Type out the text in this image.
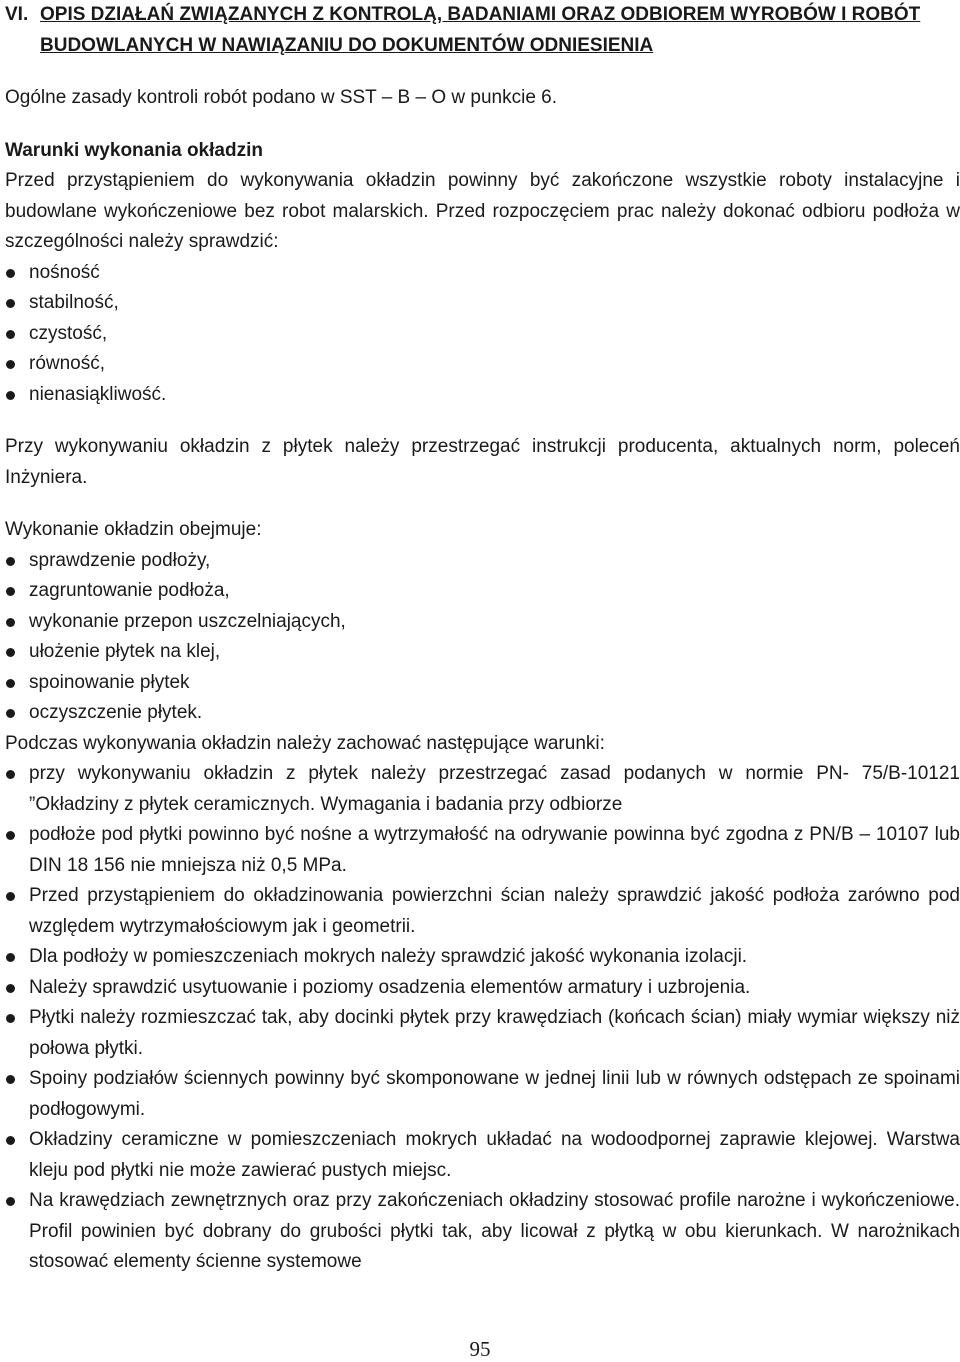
VI. OPIS DZIAŁAŃ ZWIĄZANYCH Z KONTROLĄ, BADANIAMI ORAZ ODBIOREM WYROBÓW I ROBÓT BUDOWLANYCH W NAWIĄZANIU DO DOKUMENTÓW ODNIESIENIA

Ogólne zasady kontroli robót podano w SST – B – O w punkcie 6.

Warunki wykonania okładzin

Przed przystąpieniem do wykonywania okładzin powinny być zakończone wszystkie roboty instalacyjne i budowlane wykończeniowe bez robot malarskich. Przed rozpoczęciem prac należy dokonać odbioru podłoża w szczególności należy sprawdzić:

nośność
stabilność,
czystość,
równość,
nienasiąkliwość.

Przy wykonywaniu okładzin z płytek należy przestrzegać instrukcji producenta, aktualnych norm, poleceń Inżyniera.

Wykonanie okładzin obejmuje:

sprawdzenie podłoży,
zagruntowanie podłoża,
wykonanie przepon uszczelniających,
ułożenie płytek na klej,
spoinowanie płytek
oczyszczenie płytek.

Podczas wykonywania okładzin należy zachować następujące warunki:

przy wykonywaniu okładzin z płytek należy przestrzegać zasad podanych w normie PN- 75/B-10121 ”Okładziny z płytek ceramicznych. Wymagania i badania przy odbiorze
podłoże pod płytki powinno być nośne a wytrzymałość na odrywanie powinna być zgodna z PN/B – 10107 lub DIN 18 156 nie mniejsza niż 0,5 MPa.
Przed przystąpieniem do okładzinowania powierzchni ścian należy sprawdzić jakość podłoża zarówno pod względem wytrzymałościowym jak i geometrii.
Dla podłoży w pomieszczeniach mokrych należy sprawdzić jakość wykonania izolacji.
Należy sprawdzić usytuowanie i poziomy osadzenia elementów armatury i uzbrojenia.
Płytki należy rozmieszczać tak, aby docinki płytek przy krawędziach (końcach ścian) miały wymiar większy niż połowa płytki.
Spoiny podziałów ściennych powinny być skomponowane w jednej linii lub w równych odstępach ze spoinami podłogowymi.
Okładziny ceramiczne w pomieszczeniach mokrych układać na wodoodpornej zaprawie klejowej. Warstwa kleju pod płytki nie może zawierać pustych miejsc.
Na krawędziach zewnętrznych oraz przy zakończeniach okładziny stosować profile narożne i wykończeniowe. Profil powinien być dobrany do grubości płytki tak, aby licował z płytką w obu kierunkach. W narożnikach stosować elementy ścienne systemowe
95
